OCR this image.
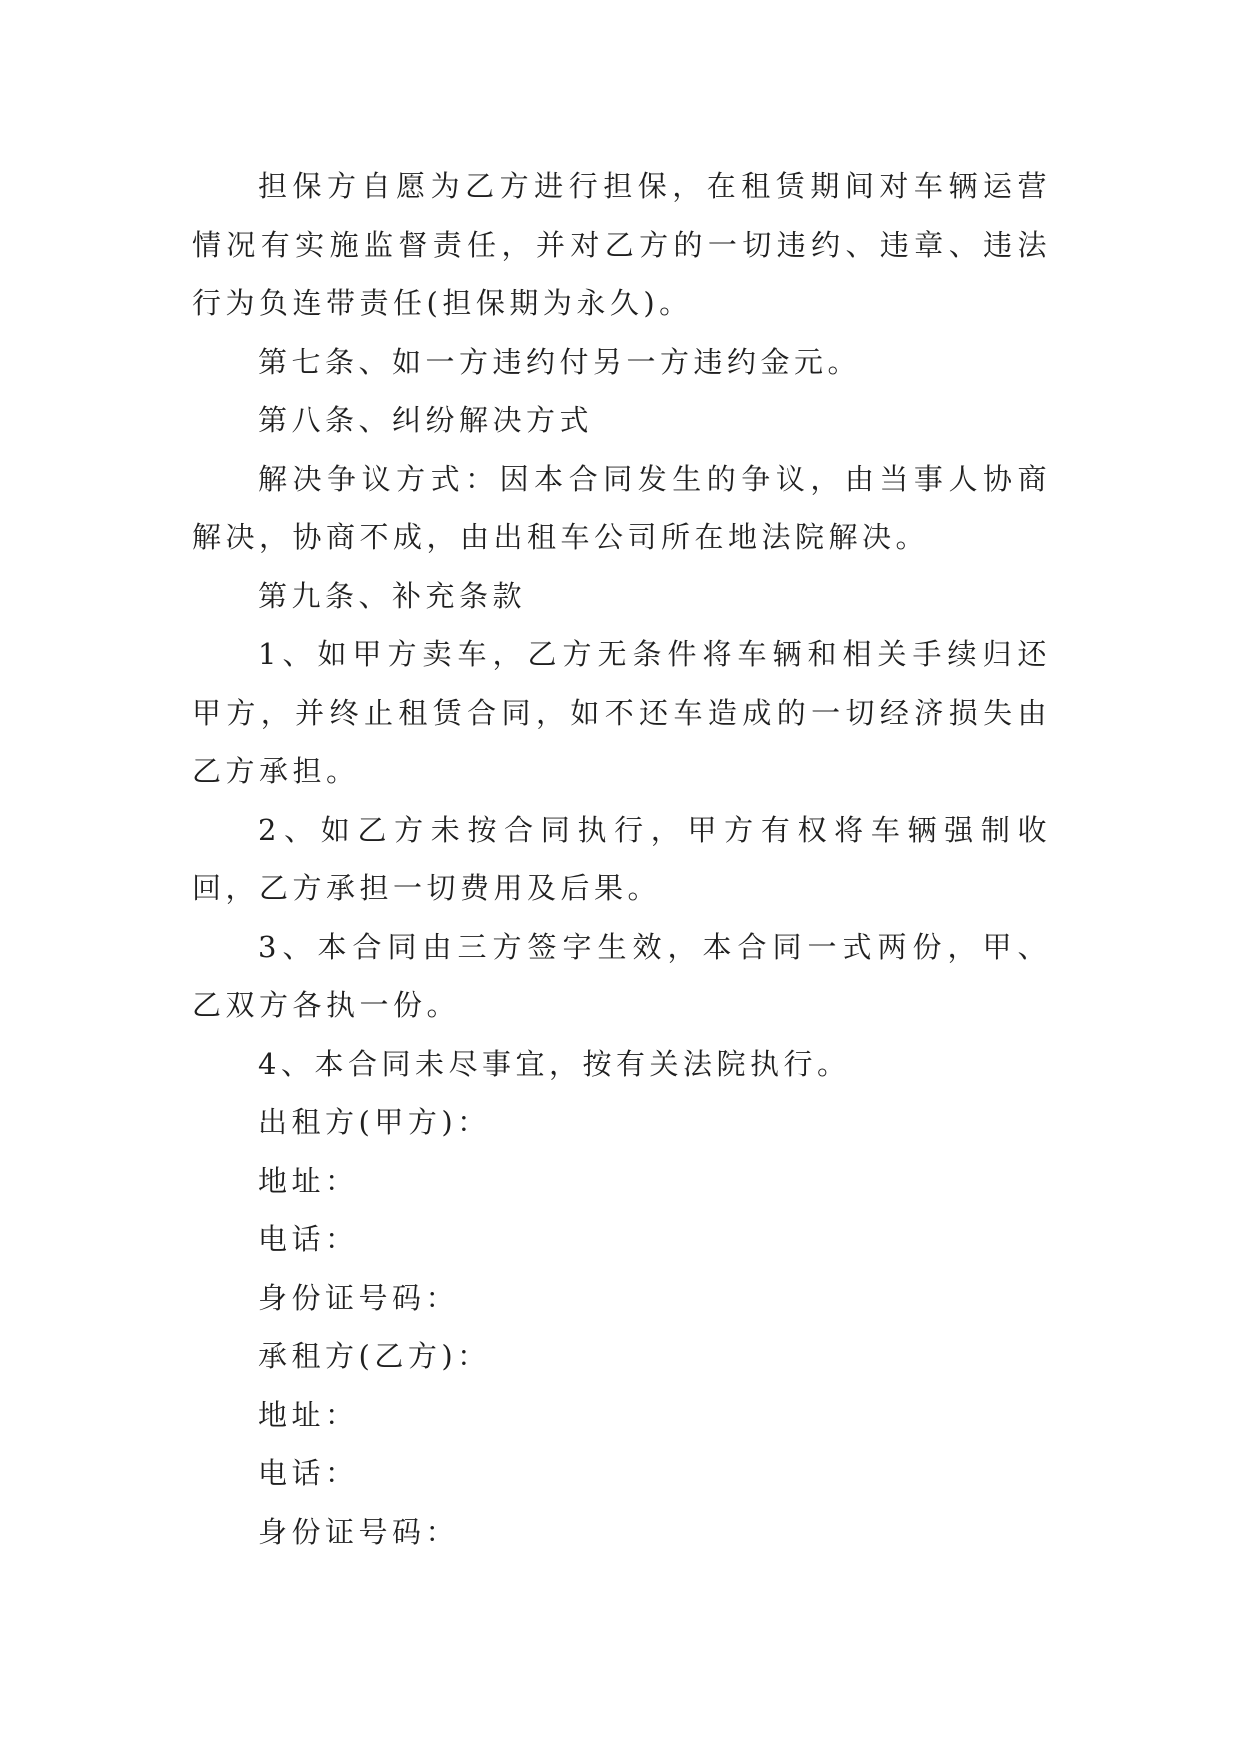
担保方自愿为乙方进行担保，在租赁期间对车辆运营情况有实施监督责任，并对乙方的一切违约、违章、违法行为负连带责任(担保期为永久)。

第七条、如一方违约付另一方违约金元。

第八条、纠纷解决方式

解决争议方式：因本合同发生的争议，由当事人协商解决，协商不成，由出租车公司所在地法院解决。

第九条、补充条款

1、如甲方卖车，乙方无条件将车辆和相关手续归还甲方，并终止租赁合同，如不还车造成的一切经济损失由乙方承担。

2、如乙方未按合同执行，甲方有权将车辆强制收回，乙方承担一切费用及后果。

3、本合同由三方签字生效，本合同一式两份，甲、乙双方各执一份。

4、本合同未尽事宜，按有关法院执行。

出租方(甲方)：

地址：

电话：

身份证号码：

承租方(乙方)：

地址：

电话：

身份证号码：
